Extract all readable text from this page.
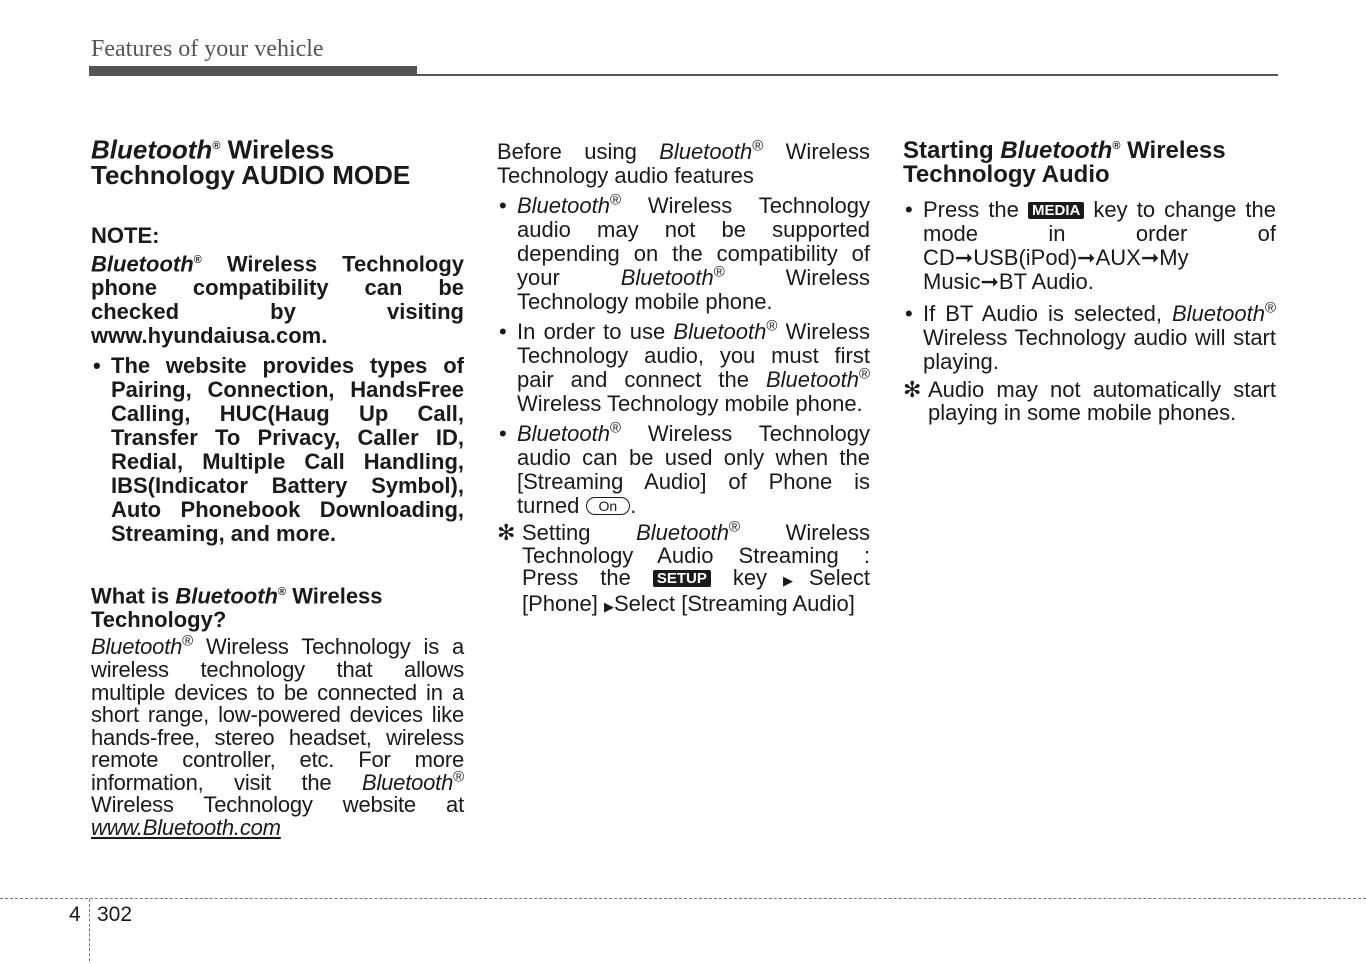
Features of your vehicle
Bluetooth® Wireless Technology AUDIO MODE
NOTE:
Bluetooth® Wireless Technology phone compatibility can be checked by visiting www.hyundaiusa.com.
• The website provides types of Pairing, Connection, HandsFree Calling, HUC(Haug Up Call, Transfer To Privacy, Caller ID, Redial, Multiple Call Handling, IBS(Indicator Battery Symbol), Auto Phonebook Downloading, Streaming, and more.
What is Bluetooth® Wireless Technology?
Bluetooth® Wireless Technology is a wireless technology that allows multiple devices to be connected in a short range, low-powered devices like hands-free, stereo headset, wireless remote controller, etc. For more information, visit the Bluetooth® Wireless Technology website at www.Bluetooth.com
Before using Bluetooth® Wireless Technology audio features
• Bluetooth® Wireless Technology audio may not be supported depending on the compatibility of your Bluetooth® Wireless Technology mobile phone.
• In order to use Bluetooth® Wireless Technology audio, you must first pair and connect the Bluetooth® Wireless Technology mobile phone.
• Bluetooth® Wireless Technology audio can be used only when the [Streaming Audio] of Phone is turned On .
✻ Setting Bluetooth® Wireless Technology Audio Streaming : Press the SETUP key▶Select [Phone] ▶Select [Streaming Audio]
Starting Bluetooth® Wireless Technology Audio
• Press the MEDIA key to change the mode in order of CD➞USB(iPod)➞AUX➞My Music➞BT Audio.
• If BT Audio is selected, Bluetooth® Wireless Technology audio will start playing.
✻ Audio may not automatically start playing in some mobile phones.
4 302
